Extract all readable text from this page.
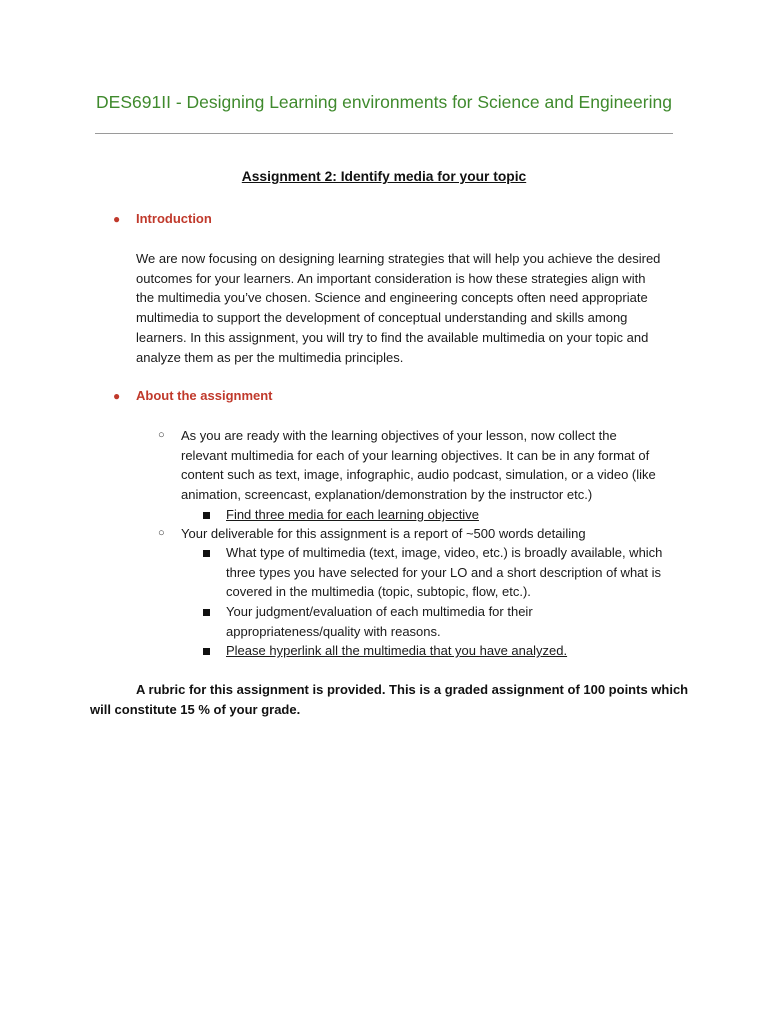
DES691II - Designing Learning environments for Science and Engineering
Assignment 2: Identify media for your topic
● Introduction
We are now focusing on designing learning strategies that will help you achieve the desired
outcomes for your learners. An important consideration is how these strategies align with
the multimedia you’ve chosen. Science and engineering concepts often need appropriate
multimedia to support the development of conceptual understanding and skills among
learners. In this assignment, you will try to find the available multimedia on your topic and
analyze them as per the multimedia principles.
● About the assignment
○ As you are ready with the learning objectives of your lesson, now collect the
relevant multimedia for each of your learning objectives. It can be in any format of
content such as text, image, infographic, audio podcast, simulation, or a video (like
animation, screencast, explanation/demonstration by the instructor etc.)
Find three media for each learning objective
○ Your deliverable for this assignment is a report of ~500 words detailing
What type of multimedia (text, image, video, etc.) is broadly available, which
three types you have selected for your LO and a short description of what is
covered in the multimedia (topic, subtopic, flow, etc.).
Your judgment/evaluation of each multimedia for their
appropriateness/quality with reasons.
Please hyperlink all the multimedia that you have analyzed.
A rubric for this assignment is provided. This is a graded assignment of 100 points which will constitute 15 % of your grade.
